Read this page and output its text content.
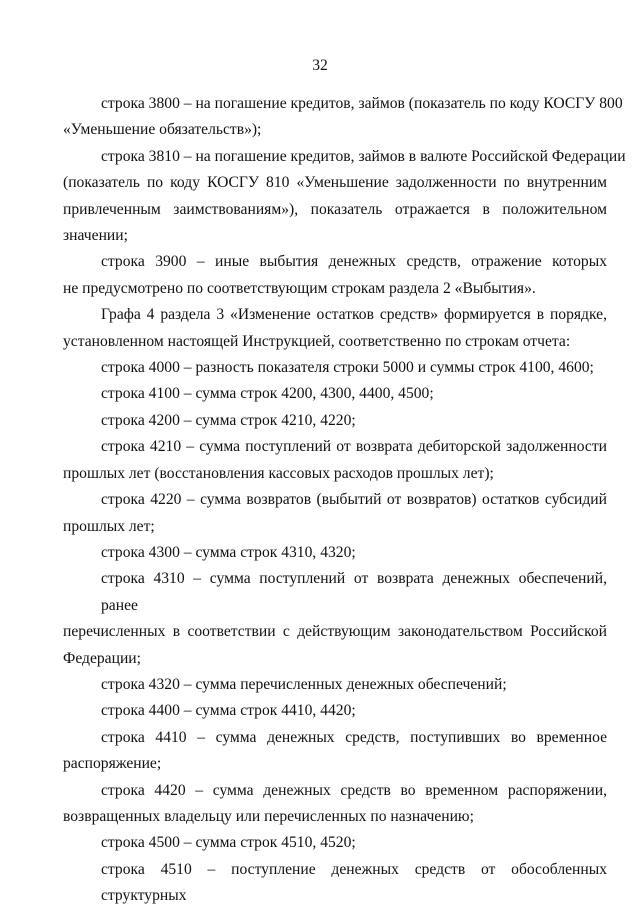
32
строка 3800 – на погашение кредитов, займов (показатель по коду КОСГУ 800
«Уменьшение обязательств»);
строка 3810 – на погашение кредитов, займов в валюте Российской Федерации
(показатель по коду КОСГУ 810 «Уменьшение задолженности по внутренним
привлеченным заимствованиям»), показатель отражается в положительном
значении;
строка 3900 – иные выбытия денежных средств, отражение которых
не предусмотрено по соответствующим строкам раздела 2 «Выбытия».
Графа 4 раздела 3 «Изменение остатков средств» формируется в порядке,
установленном настоящей Инструкцией, соответственно по строкам отчета:
строка 4000 – разность показателя строки 5000 и суммы строк 4100, 4600;
строка 4100 – сумма строк 4200, 4300, 4400, 4500;
строка 4200 – сумма строк 4210, 4220;
строка 4210 – сумма поступлений от возврата дебиторской задолженности
прошлых лет (восстановления кассовых расходов прошлых лет);
строка 4220 – сумма возвратов (выбытий от возвратов) остатков субсидий
прошлых лет;
строка 4300 – сумма строк 4310, 4320;
строка 4310 – сумма поступлений от возврата денежных обеспечений, ранее
перечисленных в соответствии с действующим законодательством Российской
Федерации;
строка 4320 – сумма перечисленных денежных обеспечений;
строка 4400 – сумма строк 4410, 4420;
строка 4410 – сумма денежных средств, поступивших во временное
распоряжение;
строка 4420 – сумма денежных средств во временном распоряжении,
возвращенных владельцу или перечисленных по назначению;
строка 4500 – сумма строк 4510, 4520;
строка 4510 – поступление денежных средств от обособленных структурных
